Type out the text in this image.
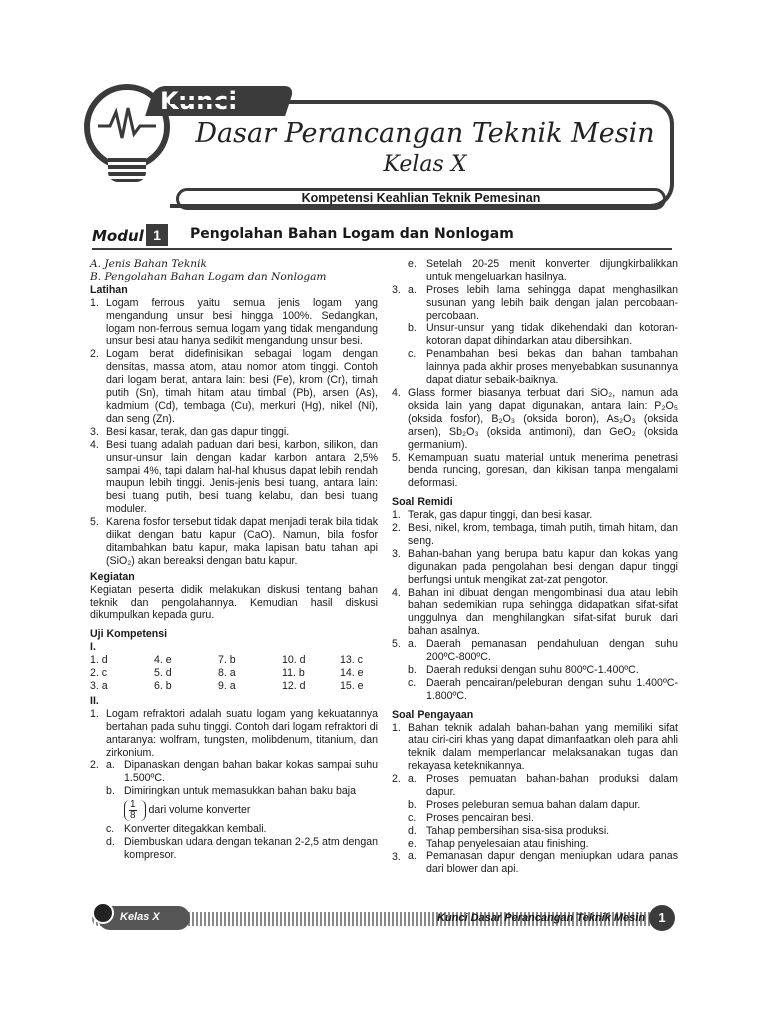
Kunci
Dasar Perancangan Teknik Mesin
Kelas X
Kompetensi Keahlian Teknik Pemesinan
Modul 1	Pengolahan Bahan Logam dan Nonlogam
A. Jenis Bahan Teknik
B. Pengolahan Bahan Logam dan Nonlogam
Latihan
1. Logam ferrous yaitu semua jenis logam yang mengandung unsur besi hingga 100%. Sedangkan, logam non-ferrous semua logam yang tidak mengandung unsur besi atau hanya sedikit mengandung unsur besi.
2. Logam berat didefinisikan sebagai logam dengan densitas, massa atom, atau nomor atom tinggi. Contoh dari logam berat, antara lain: besi (Fe), krom (Cr), timah putih (Sn), timah hitam atau timbal (Pb), arsen (As), kadmium (Cd), tembaga (Cu), merkuri (Hg), nikel (Ni), dan seng (Zn).
3. Besi kasar, terak, dan gas dapur tinggi.
4. Besi tuang adalah paduan dari besi, karbon, silikon, dan unsur-unsur lain dengan kadar karbon antara 2,5% sampai 4%, tapi dalam hal-hal khusus dapat lebih rendah maupun lebih tinggi. Jenis-jenis besi tuang, antara lain: besi tuang putih, besi tuang kelabu, dan besi tuang moduler.
5. Karena fosfor tersebut tidak dapat menjadi terak bila tidak diikat dengan batu kapur (CaO). Namun, bila fosfor ditambahkan batu kapur, maka lapisan batu tahan api (SiO₂) akan bereaksi dengan batu kapur.
Kegiatan
Kegiatan peserta didik melakukan diskusi tentang bahan teknik dan pengolahannya. Kemudian hasil diskusi dikumpulkan kepada guru.
Uji Kompetensi
I.
1. d	4. e	7. b	10. d	13. c
2. c	5. d	8. a	11. b	14. e
3. a	6. b	9. a	12. d	15. e
II.
1. Logam refraktori adalah suatu logam yang kekuatannya bertahan pada suhu tinggi. Contoh dari logam refraktori di antaranya: wolfram, tungsten, molibdenum, titanium, dan zirkonium.
2. a. Dipanaskan dengan bahan bakar kokas sampai suhu 1.500ºC.
b. Dimiringkan untuk memasukkan bahan baku baja
$\frac{1}{8}$ dari volume konverter
c. Konverter ditegakkan kembali.
d. Diembuskan udara dengan tekanan 2-2,5 atm dengan kompresor.
e. Setelah 20-25 menit konverter dijungkirbalikkan untuk mengeluarkan hasilnya.
3. a. Proses lebih lama sehingga dapat menghasilkan susunan yang lebih baik dengan jalan percobaan-percobaan.
b. Unsur-unsur yang tidak dikehendaki dan kotoran-kotoran dapat dihindarkan atau dibersihkan.
c. Penambahan besi bekas dan bahan tambahan lainnya pada akhir proses menyebabkan susunannya dapat diatur sebaik-baiknya.
4. Glass former biasanya terbuat dari SiO₂, namun ada oksida lain yang dapat digunakan, antara lain: P₂O₅ (oksida fosfor), B₂O₃ (oksida boron), As₂O₃ (oksida arsen), Sb₂O₃ (oksida antimoni), dan GeO₂ (oksida germanium).
5. Kemampuan suatu material untuk menerima penetrasi benda runcing, goresan, dan kikisan tanpa mengalami deformasi.
Soal Remidi
1. Terak, gas dapur tinggi, dan besi kasar.
2. Besi, nikel, krom, tembaga, timah putih, timah hitam, dan seng.
3. Bahan-bahan yang berupa batu kapur dan kokas yang digunakan pada pengolahan besi dengan dapur tinggi berfungsi untuk mengikat zat-zat pengotor.
4. Bahan ini dibuat dengan mengombinasi dua atau lebih bahan sedemikian rupa sehingga didapatkan sifat-sifat unggulnya dan menghilangkan sifat-sifat buruk dari bahan asalnya.
5. a. Daerah pemanasan pendahuluan dengan suhu 200ºC-800ºC.
b. Daerah reduksi dengan suhu 800ºC-1.400ºC.
c. Daerah pencairan/peleburan dengan suhu 1.400ºC-1.800ºC.
Soal Pengayaan
1. Bahan teknik adalah bahan-bahan yang memiliki sifat atau ciri-ciri khas yang dapat dimanfaatkan oleh para ahli teknik dalam memperlancar melaksanakan tugas dan rekayasa keteknikannya.
2. a. Proses pemuatan bahan-bahan produksi dalam dapur.
b. Proses peleburan semua bahan dalam dapur.
c. Proses pencairan besi.
d. Tahap pembersihan sisa-sisa produksi.
e. Tahap penyelesaian atau finishing.
3. a. Pemanasan dapur dengan meniupkan udara panas dari blower dan api.
Kelas X	Kunci Dasar Perancangan Teknik Mesin	1
